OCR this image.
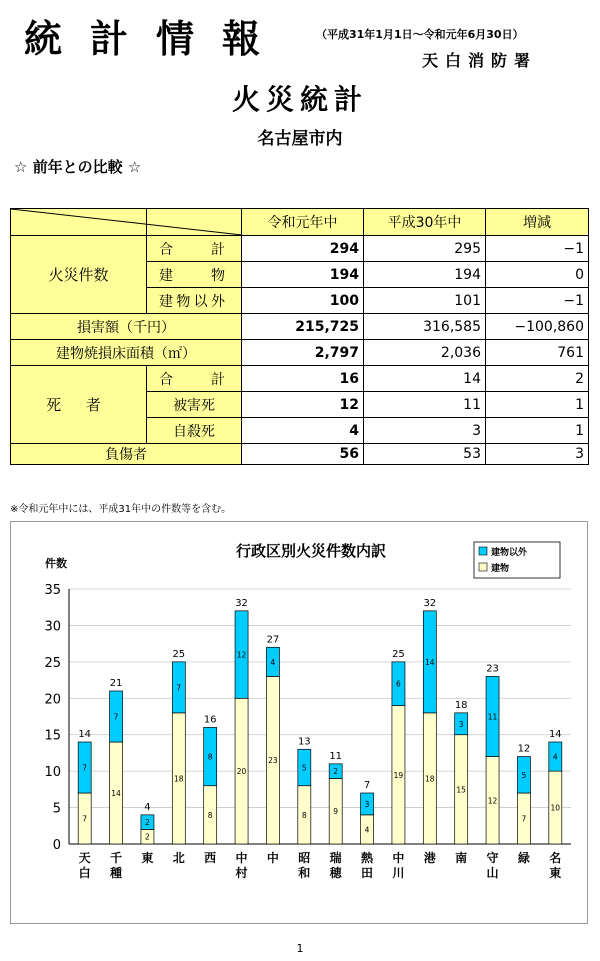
統計情報	（平成31年1月1日～令和元年6月30日）
天白消防署
火災統計
名古屋市内
☆ 前年との比較 ☆
		令和元年中	平成30年中	増減
火災件数	合　計	294	295	−1
	建　物	194	194	0
	建物以外	100	101	−1
損害額（千円）		215,725	316,585	−100,860
建物焼損床面積（㎡）		2,797	2,036	761
死 者	合　計	16	14	2
	被害死	12	11	1
	自殺死	4	3	1
負傷者		56	53	3
※令和元年中には、平成31年中の件数等を含む。
行政区別火災件数内訳
件数
建物以外
建物
0
5
10
15
20
25
30
35
7
7
14
天
白
14
7
21
千
種
2
2
4
東
18
7
25
北
8
8
16
西
20
12
32
中
村
23
4
27
中
8
5
13
昭
和
9
2
11
瑞
穂
4
3
7
熱
田
19
6
25
中
川
18
14
32
港
15
3
18
南
12
11
23
守
山
7
5
12
緑
10
4
14
名
東
1
